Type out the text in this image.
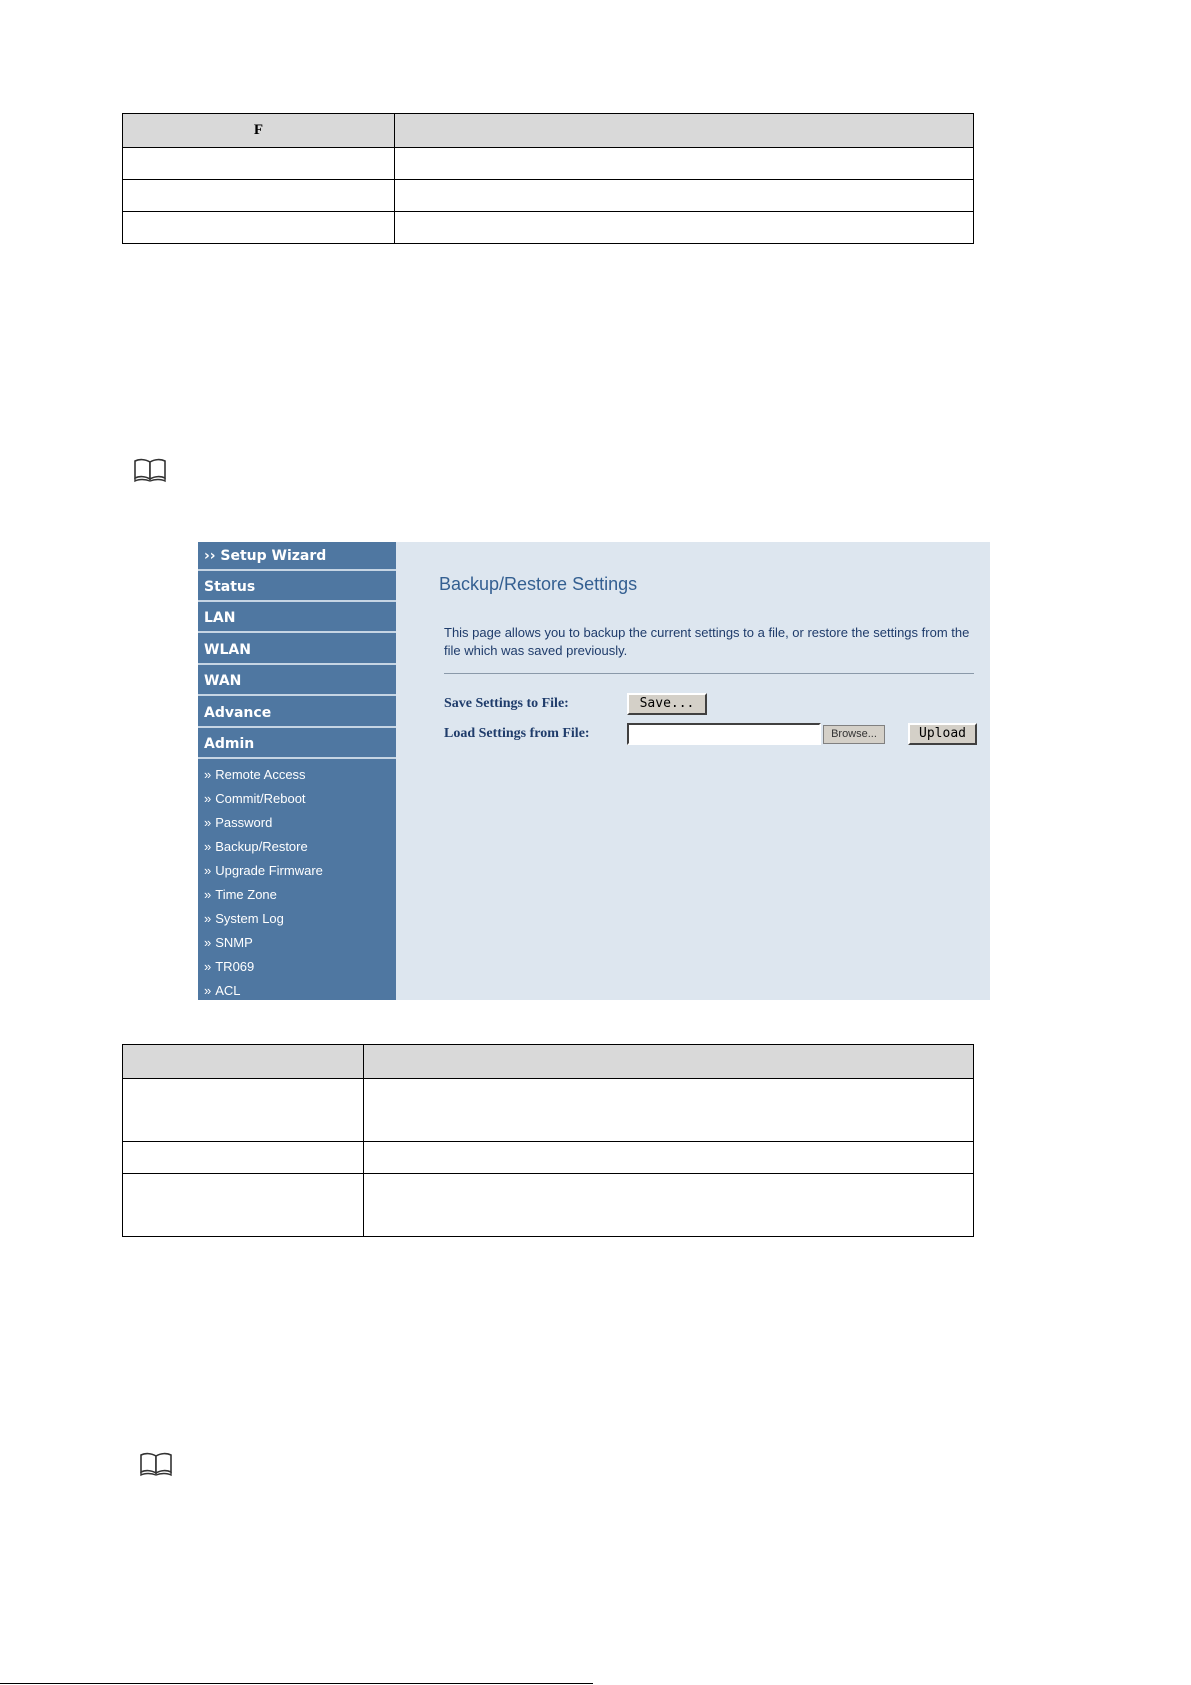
F	

›› Setup Wizard
Status
LAN
WLAN
WAN
Advance
Admin
» Remote Access
» Commit/Reboot
» Password
» Backup/Restore
» Upgrade Firmware
» Time Zone
» System Log
» SNMP
» TR069
» ACL
Backup/Restore Settings
This page allows you to backup the current settings to a file, or restore the settings from the file which was saved previously.
Save Settings to File:	Save...
Load Settings from File:	Browse...	Upload
